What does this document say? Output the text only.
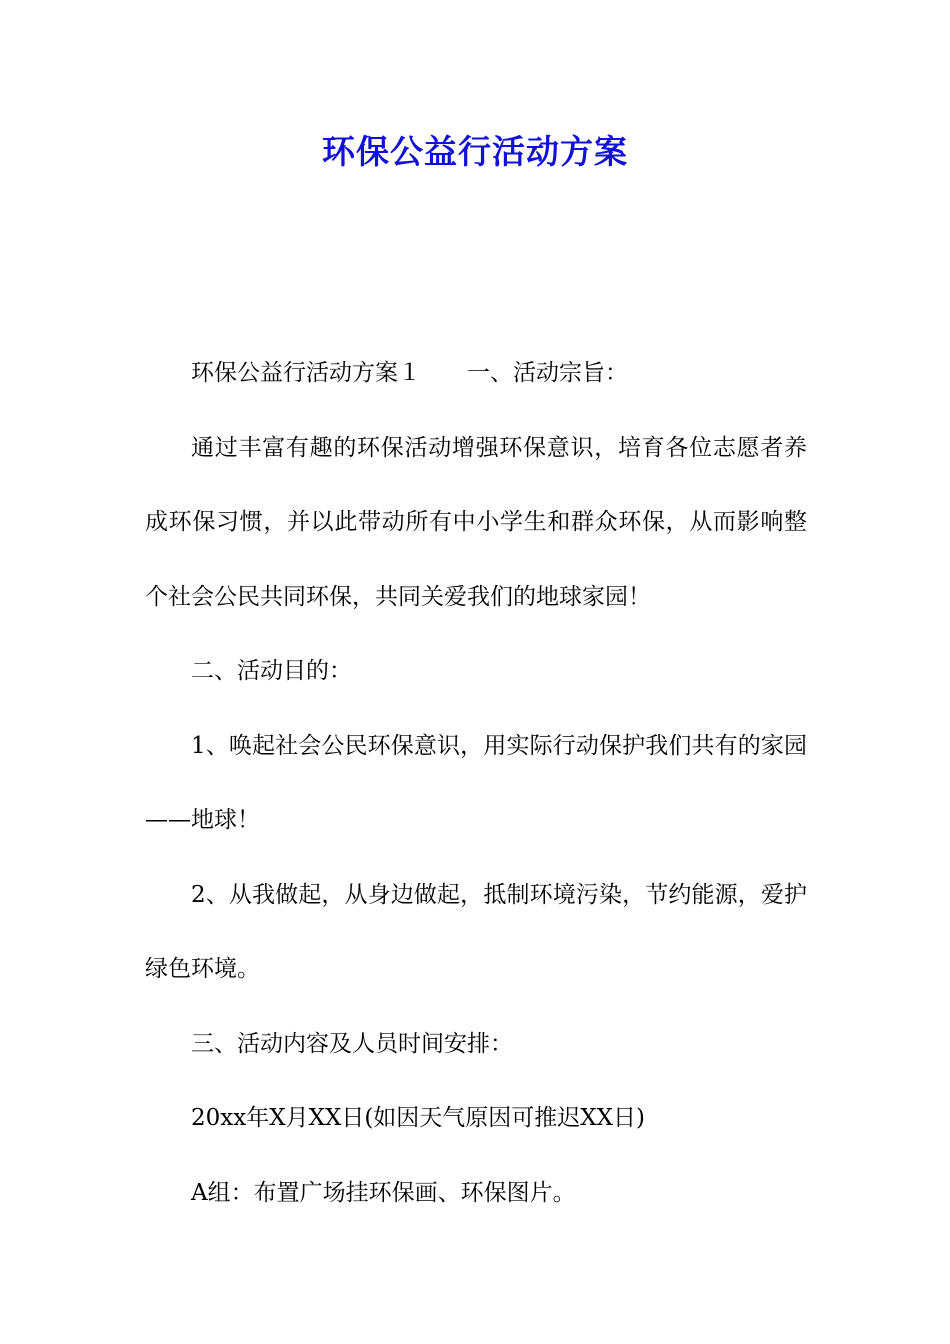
环保公益行活动方案

环保公益行活动方案１ 一、活动宗旨：

通过丰富有趣的环保活动增强环保意识，培育各位志愿者养成环保习惯，并以此带动所有中小学生和群众环保，从而影响整个社会公民共同环保，共同关爱我们的地球家园！

二、活动目的：

1、唤起社会公民环保意识，用实际行动保护我们共有的家园——地球！

2、从我做起，从身边做起，抵制环境污染，节约能源，爱护绿色环境。

三、活动内容及人员时间安排：

20xx年X月XX日(如因天气原因可推迟XX日)

A组：布置广场挂环保画、环保图片。
